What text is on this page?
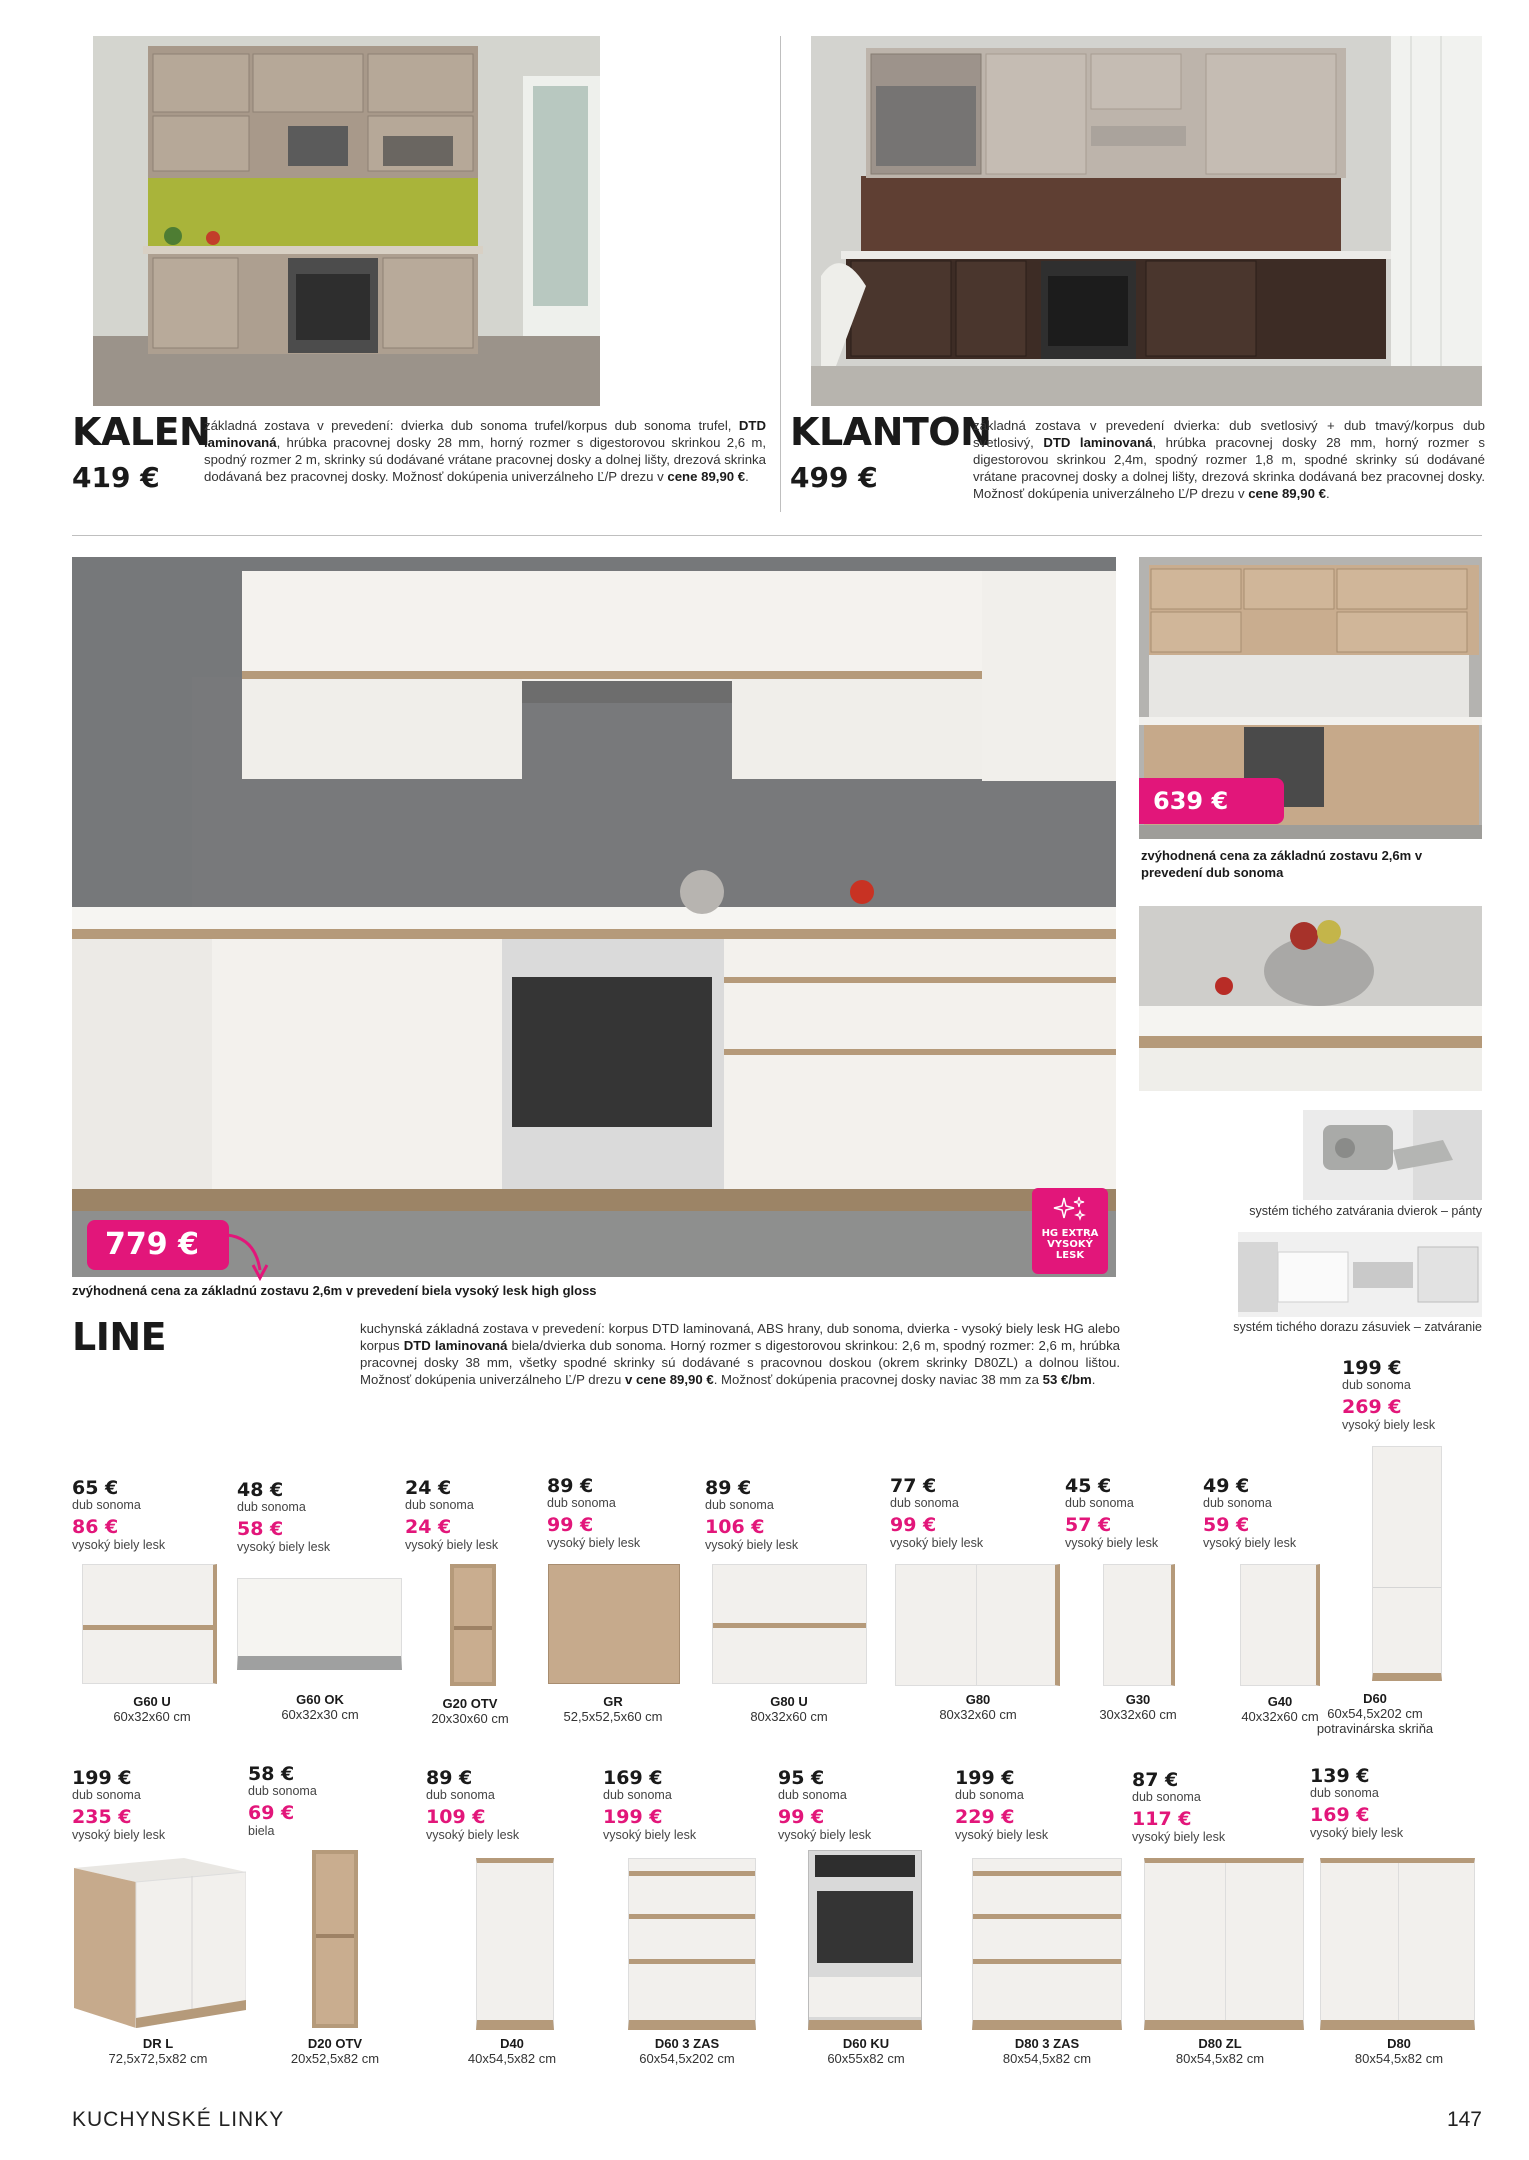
KALEN
419 €
základná zostava v prevedení: dvierka dub sonoma trufel/korpus dub sonoma trufel, DTD laminovaná, hrúbka pracovnej dosky 28 mm, horný rozmer s digestorovou skrinkou 2,6 m, spodný rozmer 2 m, skrinky sú dodávané vrátane pracovnej dosky a dolnej lišty, drezová skrinka dodávaná bez pracovnej dosky. Možnosť dokúpenia univerzálneho Ľ/P drezu v cene 89,90 €.
KLANTON
499 €
základná zostava v prevedení dvierka: dub svetlosivý + dub tmavý/korpus dub svetlosivý, DTD laminovaná, hrúbka pracovnej dosky 28 mm, horný rozmer s digestorovou skrinkou 2,4m, spodný rozmer 1,8 m, spodné skrinky sú dodávané vrátane pracovnej dosky a dolnej lišty, drezová skrinka dodávaná bez pracovnej dosky. Možnosť dokúpenia univerzálneho Ľ/P drezu v cene 89,90 €.
779 €	HG EXTRA
VYSOKÝ
LESK
zvýhodnená cena za základnú zostavu 2,6m v prevedení biela vysoký lesk high gloss
LINE	kuchynská základná zostava v prevedení: korpus DTD laminovaná, ABS hrany, dub sonoma, dvierka - vysoký biely lesk HG alebo korpus DTD laminovaná biela/dvierka dub sonoma. Horný rozmer s digestorovou skrinkou: 2,6 m, spodný rozmer: 2,6 m, hrúbka pracovnej dosky 38 mm, všetky spodné skrinky sú dodávané s pracovnou doskou (okrem skrinky D80ZL) a dolnou lištou. Možnosť dokúpenia univerzálneho Ľ/P drezu v cene 89,90 €. Možnosť dokúpenia pracovnej dosky naviac 38 mm za 53 €/bm.
639 €
zvýhodnená cena za základnú zostavu 2,6m v prevedení dub sonoma
systém tichého zatvárania dvierok – pánty
systém tichého dorazu zásuviek – zatváranie
199 €
dub sonoma
269 €
vysoký biely lesk
D60
60x54,5x202 cm
potravinárska skriňa
65 €
dub sonoma
86 €
vysoký biely lesk
48 €
dub sonoma
58 €
vysoký biely lesk
24 €
dub sonoma
24 €
vysoký biely lesk
89 €
dub sonoma
99 €
vysoký biely lesk
89 €
dub sonoma
106 €
vysoký biely lesk
77 €
dub sonoma
99 €
vysoký biely lesk
45 €
dub sonoma
57 €
vysoký biely lesk
49 €
dub sonoma
59 €
vysoký biely lesk
G60 U
60x32x60 cm
G60 OK
60x32x30 cm
G20 OTV
20x30x60 cm
GR
52,5x52,5x60 cm
G80 U
80x32x60 cm
G80
80x32x60 cm
G30
30x32x60 cm
G40
40x32x60 cm
199 €
dub sonoma
235 €
vysoký biely lesk
58 €
dub sonoma
69 €
biela
89 €
dub sonoma
109 €
vysoký biely lesk
169 €
dub sonoma
199 €
vysoký biely lesk
95 €
dub sonoma
99 €
vysoký biely lesk
199 €
dub sonoma
229 €
vysoký biely lesk
87 €
dub sonoma
117 €
vysoký biely lesk
139 €
dub sonoma
169 €
vysoký biely lesk
DR L
72,5x72,5x82 cm
D20 OTV
20x52,5x82 cm
D40
40x54,5x82 cm
D60 3 ZAS
60x54,5x202 cm
D60 KU
60x55x82 cm
D80 3 ZAS
80x54,5x82 cm
D80 ZL
80x54,5x82 cm
D80
80x54,5x82 cm
KUCHYNSKÉ LINKY	147
